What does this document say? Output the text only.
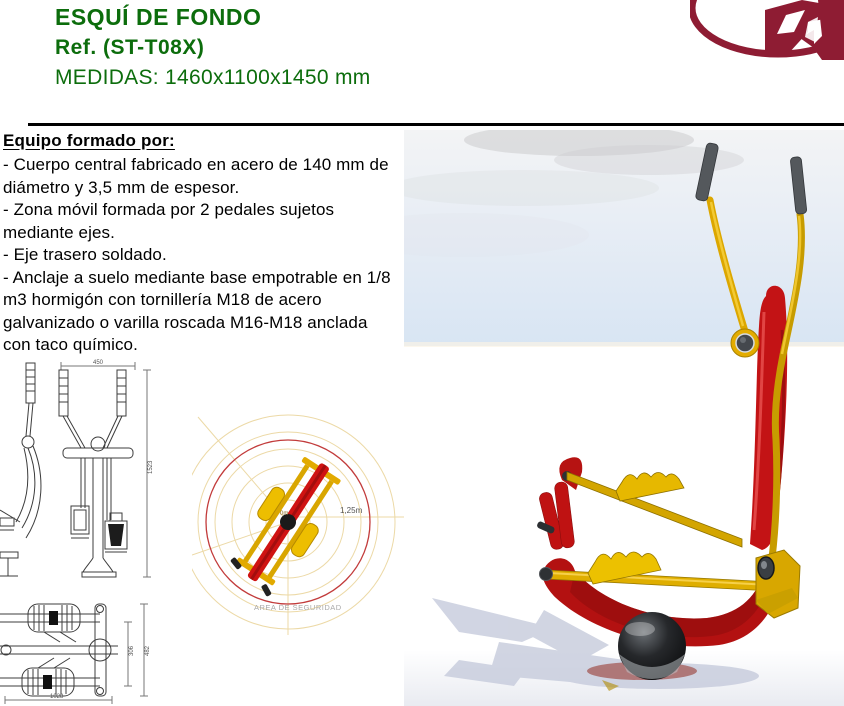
ESQUÍ DE FONDO
Ref. (ST-T08X)
MEDIDAS: 1460x1100x1450 mm
Equipo formado por:

- Cuerpo central fabricado en acero de 140 mm de diámetro y 3,5 mm de espesor.

- Zona móvil formada por 2 pedales sujetos mediante ejes.

- Eje trasero soldado.

- Anclaje a suelo mediante base empotrable en 1/8 m3 hormigón con tornillería M18 de acero galvanizado o varilla roscada M16-M18 anclada con taco químico.

450
1523
1028
306 482
0m	1,25m
AREA DE SEGURIDAD
